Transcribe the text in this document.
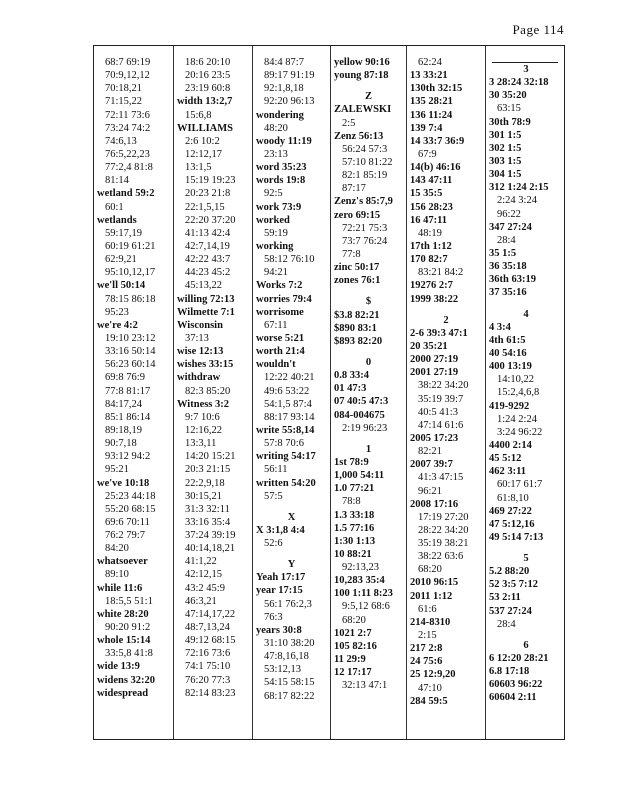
Page 114
68:7 69:19
70:9,12,12
70:18,21
71:15,22
72:11 73:6
73:24 74:2
74:6,13
76:5,22,23
77:2,4 81:8
81:14
wetland 59:2
60:1
wetlands
59:17,19
60:19 61:21
62:9,21
95:10,12,17
we'll 50:14
78:15 86:18
95:23
we're 4:2
19:10 23:12
33:16 50:14
56:23 60:14
69:8 76:9
77:8 81:17
84:17,24
85:1 86:14
89:18,19
90:7,18
93:12 94:2
95:21
we've 10:18
25:23 44:18
55:20 68:15
69:6 70:11
76:2 79:7
84:20
whatsoever
89:10
while 11:6
18:5,5 51:1
white 28:20
90:20 91:2
whole 15:14
33:5,8 41:8
wide 13:9
widens 32:20
widespread
18:6 20:10
20:16 23:5
23:19 60:8
width 13:2,7
15:6,8
WILLIAMS
2:6 10:2
12:12,17
13:1,5
15:19 19:23
20:23 21:8
22:1,5,15
22:20 37:20
41:13 42:4
42:7,14,19
42:22 43:7
44:23 45:2
45:13,22
willing 72:13
Wilmette 7:1
Wisconsin
37:13
wise 12:13
wishes 33:15
withdraw
82:3 85:20
Witness 3:2
9:7 10:6
12:16,22
13:3,11
14:20 15:21
20:3 21:15
22:2,9,18
30:15,21
31:3 32:11
33:16 35:4
37:24 39:19
40:14,18,21
41:1,22
42:12,15
43:2 45:9
46:3,21
47:14,17,22
48:7,13,24
49:12 68:15
72:16 73:6
74:1 75:10
76:20 77:3
82:14 83:23
84:4 87:7
89:17 91:19
92:1,8,18
92:20 96:13
wondering
48:20
woody 11:19
23:13
word 35:23
words 19:8
92:5
work 73:9
worked
59:19
working
58:12 76:10
94:21
Works 7:2
worries 79:4
worrisome
67:11
worse 5:21
worth 21:4
wouldn't
12:22 40:21
49:6 53:22
54:1,5 87:4
88:17 93:14
write 55:8,14
57:8 70:6
writing 54:17
56:11
written 54:20
57:5
X
X 3:1,8 4:4
52:6
Y
Yeah 17:17
year 17:15
56:1 76:2,3
76:3
years 30:8
31:10 38:20
47:8,16,18
53:12,13
54:15 58:15
68:17 82:22
yellow 90:16
young 87:18
Z
ZALEWSKI
2:5
Zenz 56:13
56:24 57:3
57:10 81:22
82:1 85:19
87:17
Zenz's 85:7,9
zero 69:15
72:21 75:3
73:7 76:24
77:8
zinc 50:17
zones 76:1
$
$3.8 82:21
$890 83:1
$893 82:20
0
0.8 33:4
01 47:3
07 40:5 47:3
084-004675
2:19 96:23
1
1st 78:9
1,000 54:11
1.0 77:21
78:8
1.3 33:18
1.5 77:16
1:30 1:13
10 88:21
92:13,23
10,283 35:4
100 1:11 8:23
9:5,12 68:6
68:20
1021 2:7
105 82:16
11 29:9
12 17:17
32:13 47:1
62:24
13 33:21
130th 32:15
135 28:21
136 11:24
139 7:4
14 33:7 36:9
67:9
14(b) 46:16
143 47:11
15 35:5
156 28:23
16 47:11
48:19
17th 1:12
170 82:7
83:21 84:2
19276 2:7
1999 38:22
2
2-6 39:3 47:1
20 35:21
2000 27:19
2001 27:19
38:22 34:20
35:19 39:7
40:5 41:3
47:14 61:6
2005 17:23
82:21
2007 39:7
41:3 47:15
96:21
2008 17:16
17:19 27:20
28:22 34:20
35:19 38:21
38:22 63:6
68:20
2010 96:15
2011 1:12
61:6
214-8310
2:15
217 2:8
24 75:6
25 12:9,20
47:10
284 59:5
3
3 28:24 32:18
30 35:20
63:15
30th 78:9
301 1:5
302 1:5
303 1:5
304 1:5
312 1:24 2:15
2:24 3:24
96:22
347 27:24
28:4
35 1:5
36 35:18
36th 63:19
37 35:16
4
4 3:4
4th 61:5
40 54:16
400 13:19
14:10,22
15:2,4,6,8
419-9292
1:24 2:24
3:24 96:22
4400 2:14
45 5:12
462 3:11
60:17 61:7
61:8,10
469 27:22
47 5:12,16
49 5:14 7:13
5
5.2 88:20
52 3:5 7:12
53 2:11
537 27:24
28:4
6
6 12:20 28:21
6.8 17:18
60603 96:22
60604 2:11
